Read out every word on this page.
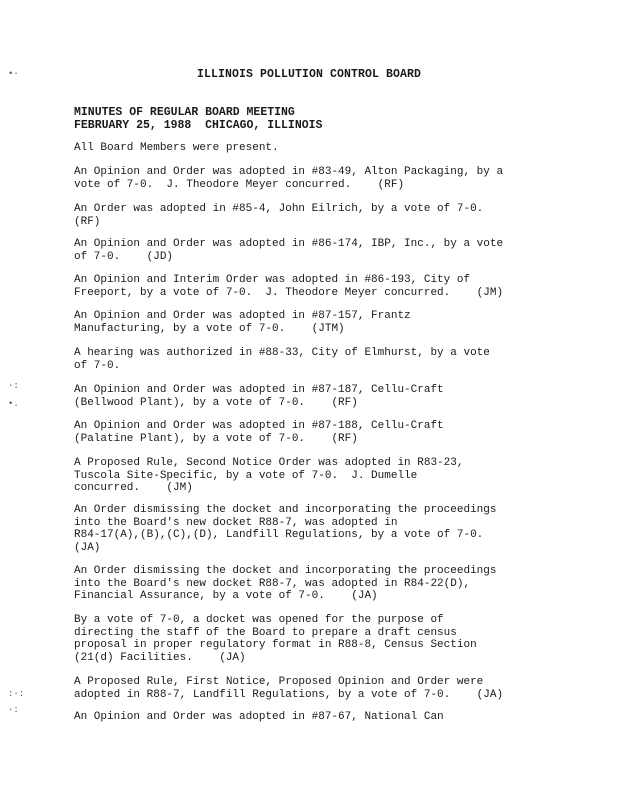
•·
·:
•.
:·:
·:
ILLINOIS POLLUTION CONTROL BOARD
MINUTES OF REGULAR BOARD MEETING
FEBRUARY 25, 1988  CHICAGO, ILLINOIS
All Board Members were present.
An Opinion and Order was adopted in #83-49, Alton Packaging, by a
vote of 7-0.  J. Theodore Meyer concurred.    (RF)
An Order was adopted in #85-4, John Eilrich, by a vote of 7-0.
(RF)
An Opinion and Order was adopted in #86-174, IBP, Inc., by a vote
of 7-0.    (JD)
An Opinion and Interim Order was adopted in #86-193, City of
Freeport, by a vote of 7-0.  J. Theodore Meyer concurred.    (JM)
An Opinion and Order was adopted in #87-157, Frantz
Manufacturing, by a vote of 7-0.    (JTM)
A hearing was authorized in #88-33, City of Elmhurst, by a vote
of 7-0.
An Opinion and Order was adopted in #87-187, Cellu-Craft
(Bellwood Plant), by a vote of 7-0.    (RF)
An Opinion and Order was adopted in #87-188, Cellu-Craft
(Palatine Plant), by a vote of 7-0.    (RF)
A Proposed Rule, Second Notice Order was adopted in R83-23,
Tuscola Site-Specific, by a vote of 7-0.  J. Dumelle
concurred.    (JM)
An Order dismissing the docket and incorporating the proceedings
into the Board's new docket R88-7, was adopted in
R84-17(A),(B),(C),(D), Landfill Regulations, by a vote of 7-0.
(JA)
An Order dismissing the docket and incorporating the proceedings
into the Board's new docket R88-7, was adopted in R84-22(D),
Financial Assurance, by a vote of 7-0.    (JA)
By a vote of 7-0, a docket was opened for the purpose of
directing the staff of the Board to prepare a draft census
proposal in proper regulatory format in R88-8, Census Section
(21(d) Facilities.    (JA)
A Proposed Rule, First Notice, Proposed Opinion and Order were
adopted in R88-7, Landfill Regulations, by a vote of 7-0.    (JA)
An Opinion and Order was adopted in #87-67, National Can
